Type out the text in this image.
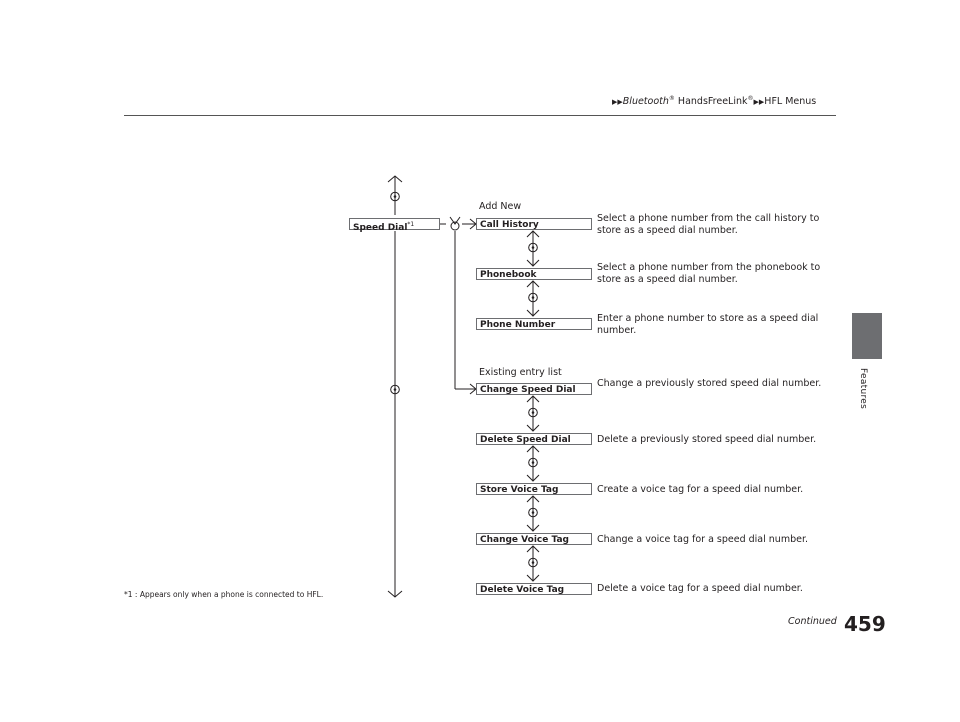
▶▶Bluetooth® HandsFreeLink®▶▶HFL Menus
Features
Speed Dial$^{*1}$
Add New
Existing entry list
Call History
Phonebook
Phone Number
Change Speed Dial
Delete Speed Dial
Store Voice Tag
Change Voice Tag
Delete Voice Tag
Select a phone number from the call history to store as a speed dial number.
Select a phone number from the phonebook to store as a speed dial number.
Enter a phone number to store as a speed dial number.
Change a previously stored speed dial number.
Delete a previously stored speed dial number.
Create a voice tag for a speed dial number.
Change a voice tag for a speed dial number.
Delete a voice tag for a speed dial number.
*1 : Appears only when a phone is connected to HFL.
Continued 459
